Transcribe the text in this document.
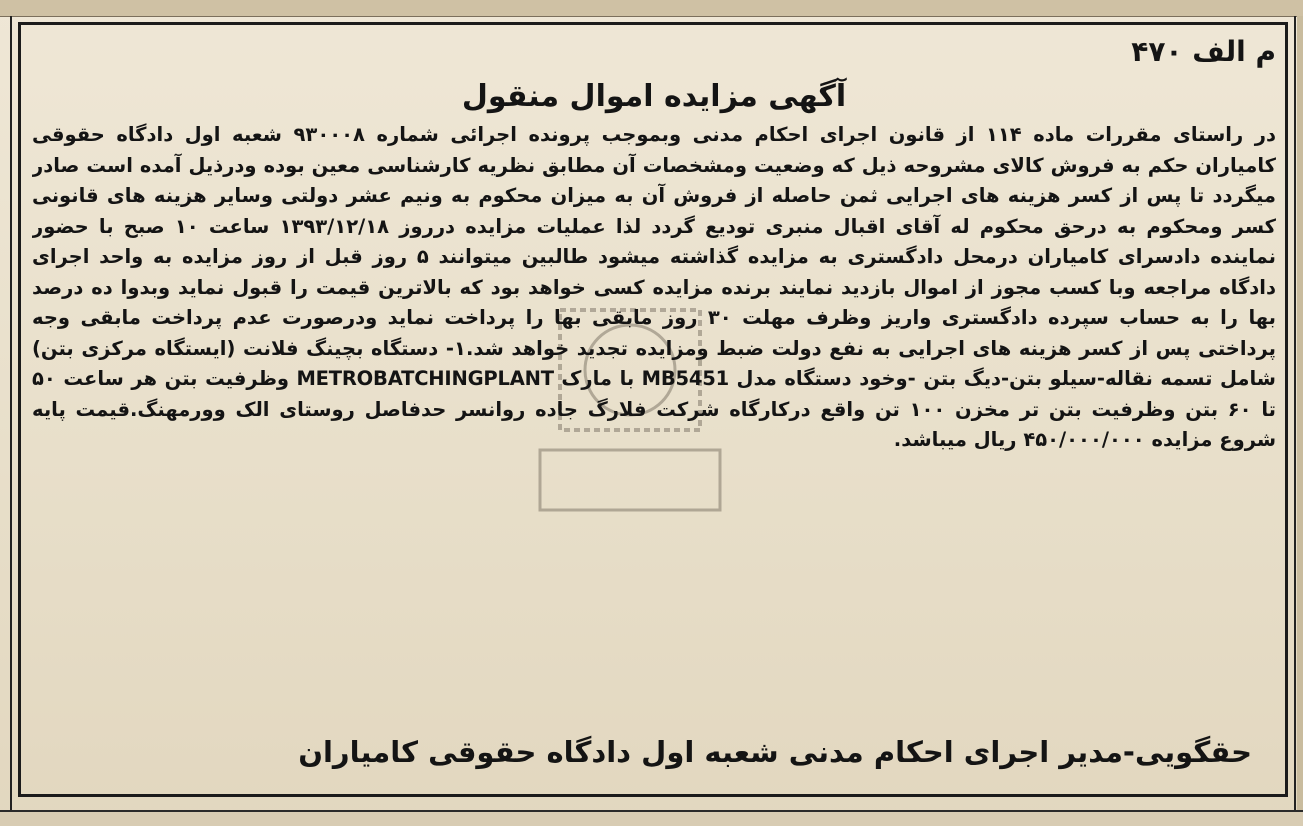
م الف ۴۷۰
آگهی مزایده اموال منقول
در راستای مقررات ماده ۱۱۴ از قانون اجرای احکام مدنی وبموجب پرونده اجرائی شماره ۹۳۰۰۰۸ شعبه اول دادگاه حقوقی کامیاران حکم به فروش کالای مشروحه ذیل که وضعیت ومشخصات آن مطابق نظریه کارشناسی معین بوده ودرذیل آمده است صادر میگردد تا پس از کسر هزینه های اجرایی ثمن حاصله از فروش آن به میزان محکوم به ونیم عشر دولتی وسایر هزینه های قانونی کسر ومحکوم به درحق محکوم له آقای اقبال منبری تودیع گردد لذا عملیات مزایده درروز ۱۳۹۳/۱۲/۱۸ ساعت ۱۰ صبح با حضور نماینده دادسرای کامیاران درمحل دادگستری به مزایده گذاشته میشود طالبین میتوانند ۵ روز قبل از روز مزایده به واحد اجرای دادگاه مراجعه وبا کسب مجوز از اموال بازدید نمایند برنده مزایده کسی خواهد بود که بالاترین قیمت را قبول نماید وبدوا ده درصد بها را به حساب سپرده دادگستری واریز وظرف مهلت ۳۰ روز مابقی بها را پرداخت نماید ودرصورت عدم پرداخت مابقی وجه پرداختی پس از کسر هزینه های اجرایی به نفع دولت ضبط ومزایده تجدید خواهد شد.۱- دستگاه بچینگ فلانت (ایستگاه مرکزی بتن) شامل تسمه نقاله-سیلو بتن-دیگ بتن -وخود دستگاه مدل MB5451 با مارک METROBATCHINGPLANT وظرفیت بتن هر ساعت ۵۰ تا ۶۰ بتن وظرفیت بتن تر مخزن ۱۰۰ تن واقع درکارگاه شرکت فلارگ جاده روانسر حدفاصل روستای الک وورمهنگ.قیمت پایه شروع مزایده ۴۵۰/۰۰۰/۰۰۰ ریال میباشد.
حقگویی-مدیر اجرای احکام مدنی شعبه اول دادگاه حقوقی کامیاران
